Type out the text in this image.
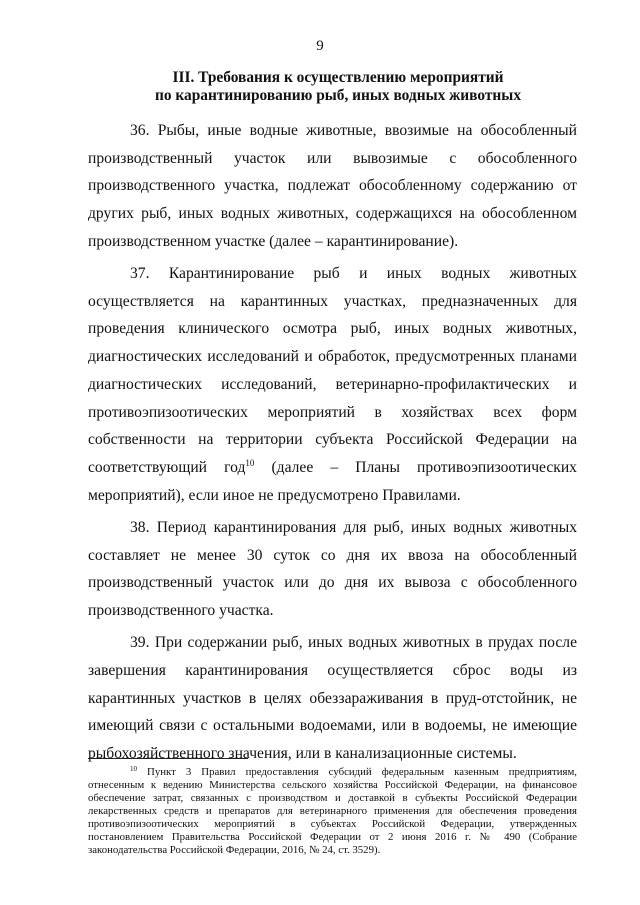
9
III. Требования к осуществлению мероприятий
по карантинированию рыб, иных водных животных

36. Рыбы, иные водные животные, ввозимые на обособленный производственный участок или вывозимые с обособленного производственного участка, подлежат обособленному содержанию от других рыб, иных водных животных, содержащихся на обособленном производственном участке (далее – карантинирование).

37. Карантинирование рыб и иных водных животных осуществляется на карантинных участках, предназначенных для проведения клинического осмотра рыб, иных водных животных, диагностических исследований и обработок, предусмотренных планами диагностических исследований, ветеринарно-профилактических и противоэпизоотических мероприятий в хозяйствах всех форм собственности на территории субъекта Российской Федерации на соответствующий год$^{10}$ (далее – Планы противоэпизоотических мероприятий), если иное не предусмотрено Правилами.

38. Период карантинирования для рыб, иных водных животных составляет не менее 30 суток со дня их ввоза на обособленный производственный участок или до дня их вывоза с обособленного производственного участка.

39. При содержании рыб, иных водных животных в прудах после завершения карантинирования осуществляется сброс воды из карантинных участков в целях обеззараживания в пруд-отстойник, не имеющий связи с остальными водоемами, или в водоемы, не имеющие рыбохозяйственного значения, или в канализационные системы.

$^{10}$ Пункт 3 Правил предоставления субсидий федеральным казенным предприятиям, отнесенным к ведению Министерства сельского хозяйства Российской Федерации, на финансовое обеспечение затрат, связанных с производством и доставкой в субъекты Российской Федерации лекарственных средств и препаратов для ветеринарного применения для обеспечения проведения противоэпизоотических мероприятий в субъектах Российской Федерации, утвержденных постановлением Правительства Российской Федерации от 2 июня 2016 г. № 490 (Собрание законодательства Российской Федерации, 2016, № 24, ст. 3529).
